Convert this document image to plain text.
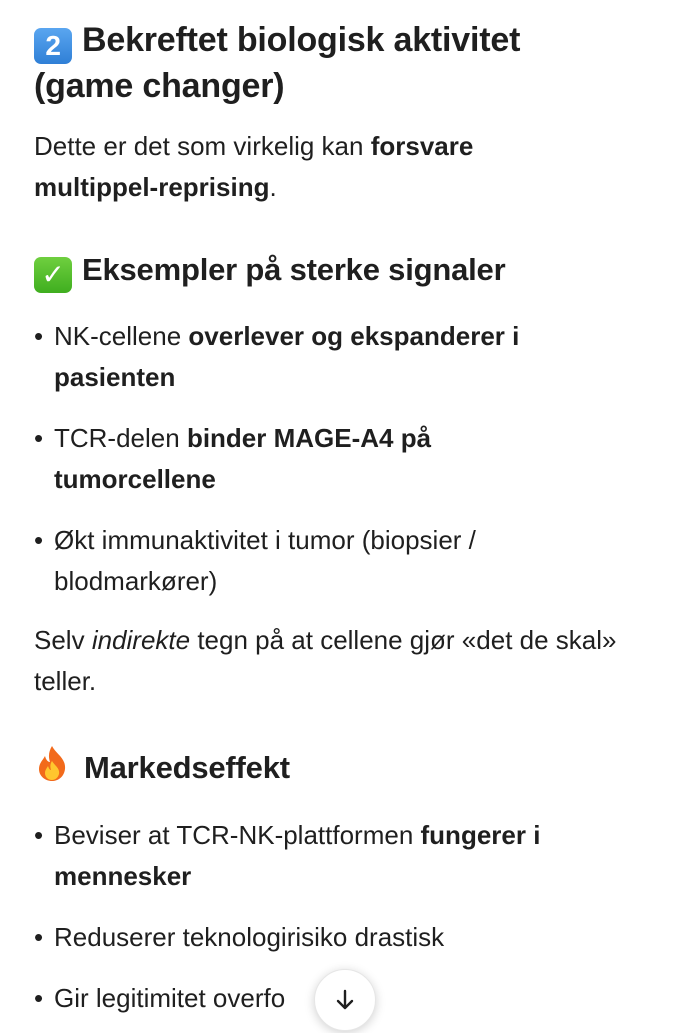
2 Bekreftet biologisk aktivitet
(game changer)

Dette er det som virkelig kan forsvare multippel-reprising.

✓ Eksempler på sterke signaler
• NK-cellene overlever og ekspanderer i pasienten
• TCR-delen binder MAGE-A4 på tumorcellene
• Økt immunaktivitet i tumor (biopsier / blodmarkører)

Selv indirekte tegn på at cellene gjør «det de skal» teller.

Markedseffekt
• Beviser at TCR-NK-plattformen fungerer i mennesker
• Reduserer teknologirisiko drastisk
• Gir legitimitet overfo
